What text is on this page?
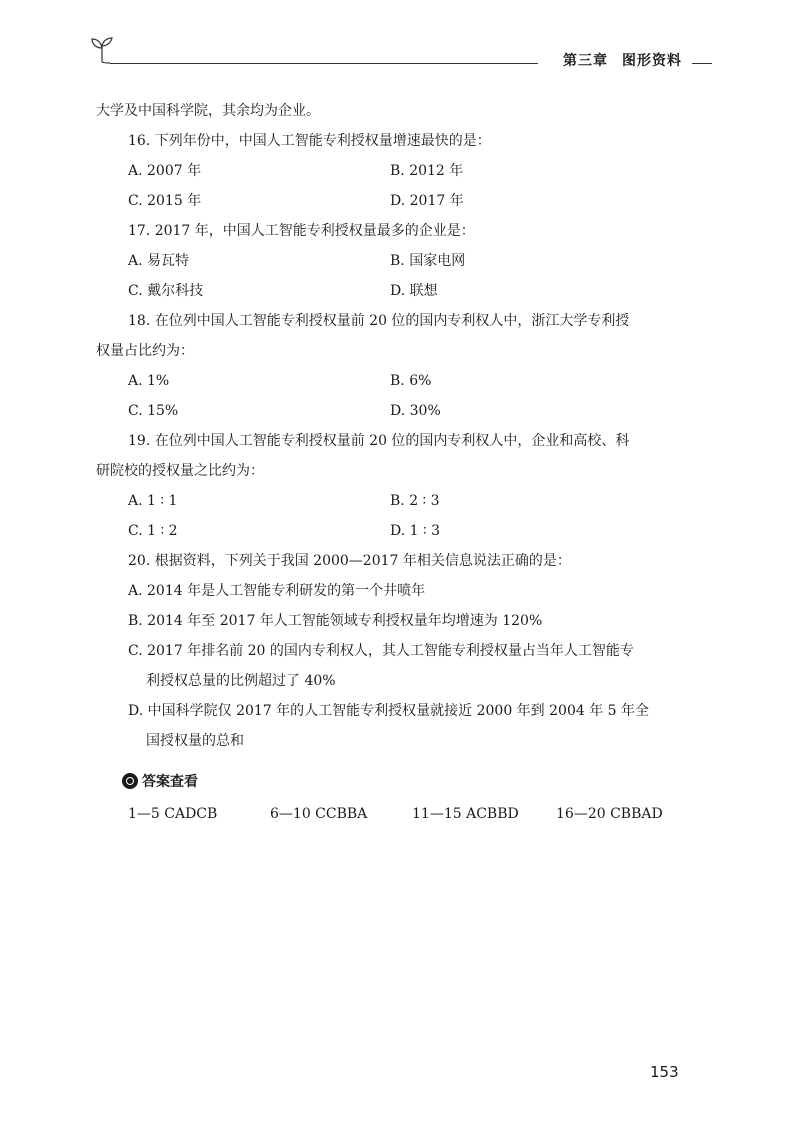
第三章 图形资料
大学及中国科学院，其余均为企业。
16. 下列年份中，中国人工智能专利授权量增速最快的是：
A. 2007 年	B. 2012 年
C. 2015 年	D. 2017 年
17. 2017 年，中国人工智能专利授权量最多的企业是：
A. 易瓦特	B. 国家电网
C. 戴尔科技	D. 联想
18. 在位列中国人工智能专利授权量前 20 位的国内专利权人中，浙江大学专利授
权量占比约为：
A. 1%	B. 6%
C. 15%	D. 30%
19. 在位列中国人工智能专利授权量前 20 位的国内专利权人中，企业和高校、科
研院校的授权量之比约为：
A. 1 ∶ 1	B. 2 ∶ 3
C. 1 ∶ 2	D. 1 ∶ 3
20. 根据资料，下列关于我国 2000—2017 年相关信息说法正确的是：
A. 2014 年是人工智能专利研发的第一个井喷年
B. 2014 年至 2017 年人工智能领域专利授权量年均增速为 120%
C. 2017 年排名前 20 的国内专利权人，其人工智能专利授权量占当年人工智能专
利授权总量的比例超过了 40%
D. 中国科学院仅 2017 年的人工智能专利授权量就接近 2000 年到 2004 年 5 年全
国授权量的总和
答案查看
1—5 CADCB	6—10 CCBBA	11—15 ACBBD	16—20 CBBAD
153
